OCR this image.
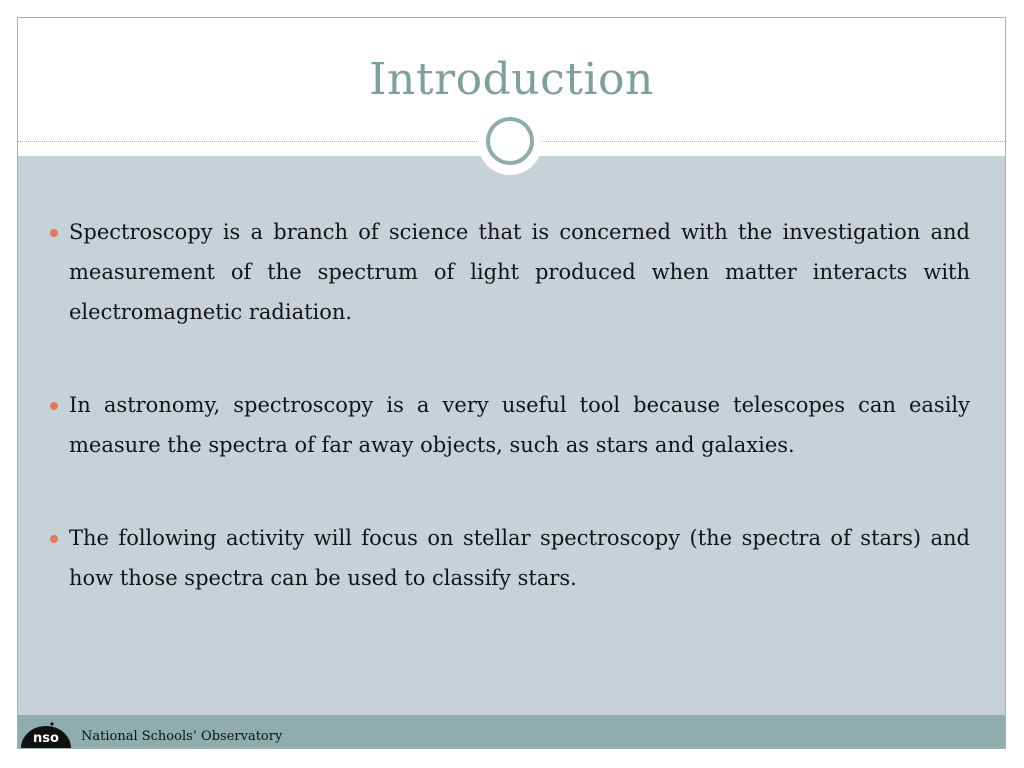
Introduction
Spectroscopy is a branch of science that is concerned with the investigation and measurement of the spectrum of light produced when matter interacts with electromagnetic radiation.
In astronomy, spectroscopy is a very useful tool because telescopes can easily measure the spectra of far away objects, such as stars and galaxies.
The following activity will focus on stellar spectroscopy (the spectra of stars) and how those spectra can be used to classify stars.
nso National Schools’ Observatory
